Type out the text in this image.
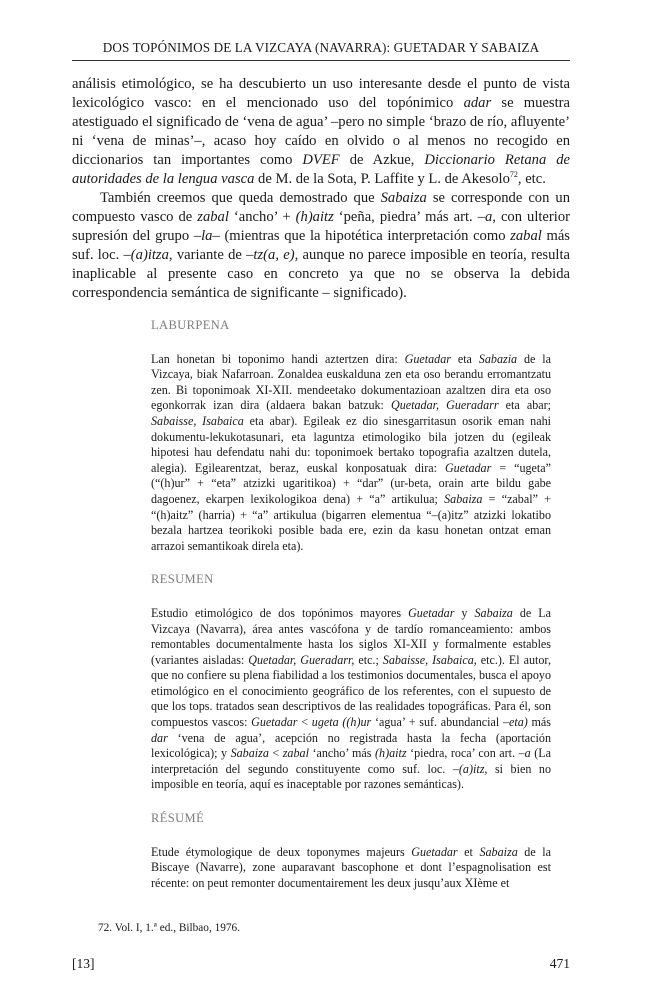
DOS TOPÓNIMOS DE LA VIZCAYA (NAVARRA): GUETADAR Y SABAIZA

análisis etimológico, se ha descubierto un uso interesante desde el punto de vista lexicológico vasco: en el mencionado uso del topónimico adar se muestra atestiguado el significado de ‘vena de agua’ –pero no simple ‘brazo de río, afluyente’ ni ‘vena de minas’–, acaso hoy caído en olvido o al menos no recogido en diccionarios tan importantes como DVEF de Azkue, Diccionario Retana de autoridades de la lengua vasca de M. de la Sota, P. Laffite y L. de Akesolo$^{72}$, etc.

También creemos que queda demostrado que Sabaiza se corresponde con un compuesto vasco de zabal ‘ancho’ + (h)aitz ‘peña, piedra’ más art. –a, con ulterior supresión del grupo –la– (mientras que la hipotética interpretación como zabal más suf. loc. –(a)itza, variante de –tz(a, e), aunque no parece imposible en teoría, resulta inaplicable al presente caso en concreto ya que no se observa la debida correspondencia semántica de significante – significado).

LABURPENA

Lan honetan bi toponimo handi aztertzen dira: Guetadar eta Sabazia de la Vizcaya, biak Nafarroan. Zonaldea euskalduna zen eta oso berandu erromantzatu zen. Bi toponimoak XI-XII. mendeetako dokumentazioan azaltzen dira eta oso egonkorrak izan dira (aldaera bakan batzuk: Quetadar, Gueradarr eta abar; Sabaisse, Isabaica eta abar). Egileak ez dio sinesgarritasun osorik eman nahi dokumentu-lekukotasunari, eta laguntza etimologiko bila jotzen du (egileak hipotesi hau defendatu nahi du: toponimoek bertako topografia azaltzen dutela, alegia). Egilearentzat, beraz, euskal konposatuak dira: Guetadar = “ugeta” (“(h)ur” + “eta” atzizki ugaritikoa) + “dar” (ur-beta, orain arte bildu gabe dagoenez, ekarpen lexikologikoa dena) + “a” artikulua; Sabaiza = “zabal” + “(h)aitz” (harria) + “a” artikulua (bigarren elementua “–(a)itz” atzizki lokatibo bezala hartzea teorikoki posible bada ere, ezin da kasu honetan ontzat eman arrazoi semantikoak direla eta).

RESUMEN

Estudio etimológico de dos topónimos mayores Guetadar y Sabaiza de La Vizcaya (Navarra), área antes vascófona y de tardío romanceamiento: ambos remontables documentalmente hasta los siglos XI-XII y formalmente estables (variantes aisladas: Quetadar, Gueradarr, etc.; Sabaisse, Isabaica, etc.). El autor, que no confiere su plena fiabilidad a los testimonios documentales, busca el apoyo etimológico en el conocimiento geográfico de los referentes, con el supuesto de que los tops. tratados sean descriptivos de las realidades topográficas. Para él, son compuestos vascos: Guetadar < ugeta ((h)ur ‘agua’ + suf. abundancial –eta) más dar ‘vena de agua’, acepción no registrada hasta la fecha (aportación lexicológica); y Sabaiza < zabal ‘ancho’ más (h)aitz ‘piedra, roca’ con art. –a (La interpretación del segundo constituyente como suf. loc. –(a)itz, si bien no imposible en teoría, aquí es inaceptable por razones semánticas).

RÉSUMÉ

Etude étymologique de deux toponymes majeurs Guetadar et Sabaiza de la Biscaye (Navarre), zone auparavant bascophone et dont l’espagnolisation est récente: on peut remonter documentairement les deux jusqu’aux XIème et

72. Vol. I, 1.ª ed., Bilbao, 1976.
[13]	471
